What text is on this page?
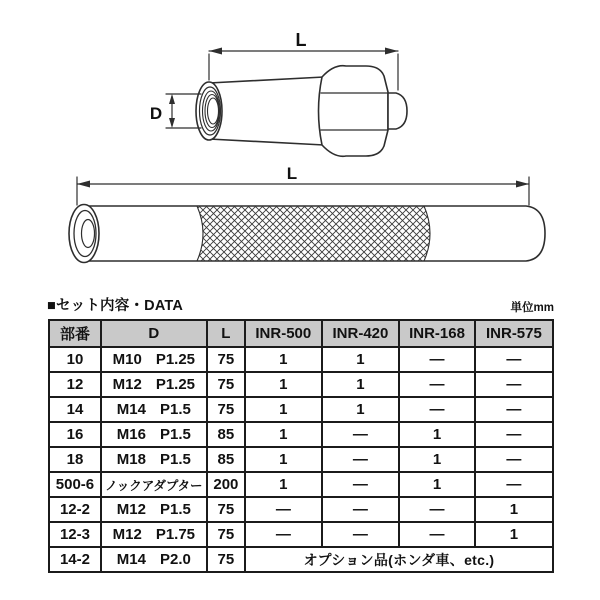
L
D
L
■セット内容・DATA	単位mm
部番	D	L	INR-500	INR-420	INR-168	INR-575
10	M10 P1.25	75	1	1	―	―
12	M12 P1.25	75	1	1	―	―
14	M14 P1.5	75	1	1	―	―
16	M16 P1.5	85	1	―	1	―
18	M18 P1.5	85	1	―	1	―
500-6	ノックアダプター	200	1	―	1	―
12-2	M12 P1.5	75	―	―	―	1
12-3	M12 P1.75	75	―	―	―	1
14-2	M14 P2.0	75	オプション品(ホンダ車、etc.)			
